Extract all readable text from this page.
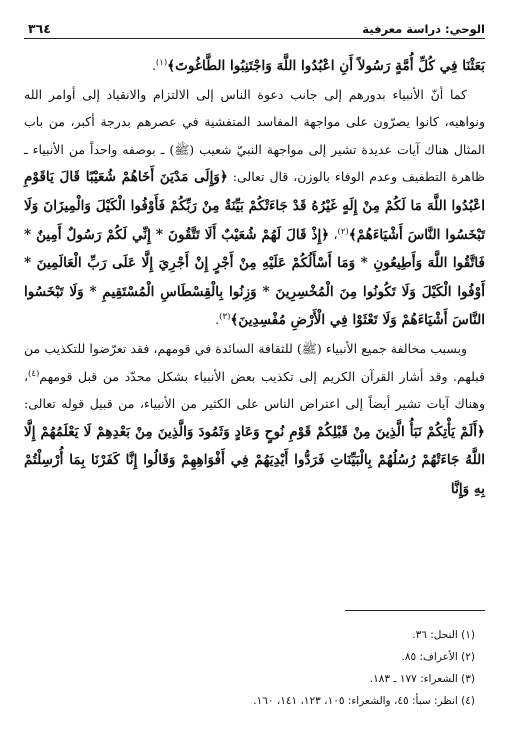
الوحي: دراسة معرفية
٣٦٤

بَعَثْنَا فِي كُلِّ أُمَّةٍ رَسُولاً أَنِ اعْبُدُوا اللَّهَ وَاجْتَنِبُوا الطَّاغُوتَ﴾$^{(١)}$.

كما أنّ الأنبياء بدورهم إلى جانب دعوة الناس إلى الالتزام والانقياد إلى أوامر الله ونواهيه، كانوا يصرّون على مواجهة المفاسد المتفشية في عصرهم بدرجة أكبر، من باب المثال هناك آيات عديدة تشير إلى مواجهة النبيّ شعيب (ﷺ) ـ بوصفه واحداً من الأنبياء ـ ظاهرة التطفيف وعدم الوفاء بالوزن، قال تعالى: ﴿وَإِلَى مَدْيَنَ أَخَاهُمْ شُعَيْبًا قَالَ يَاقَوْمِ اعْبُدُوا اللَّهَ مَا لَكُمْ مِنْ إِلَهٍ غَيْرُهُ قَدْ جَاءَتْكُمْ بَيِّنَةٌ مِنْ رَبِّكُمْ فَأَوْفُوا الْكَيْلَ وَالْمِيزَانَ وَلَا تَبْخَسُوا النَّاسَ أَشْيَاءَهُمْ﴾$^{(٢)}$، ﴿إِذْ قَالَ لَهُمْ شُعَيْبٌ أَلَا تَتَّقُونَ * إِنِّي لَكُمْ رَسُولٌ أَمِينٌ * فَاتَّقُوا اللَّهَ وَأَطِيعُونِ * وَمَا أَسْأَلُكُمْ عَلَيْهِ مِنْ أَجْرٍ إِنْ أَجْرِيَ إِلَّا عَلَى رَبِّ الْعَالَمِينَ * أَوْفُوا الْكَيْلَ وَلَا تَكُونُوا مِنَ الْمُخْسِرِينَ * وَزِنُوا بِالْقِسْطَاسِ الْمُسْتَقِيمِ * وَلَا تَبْخَسُوا النَّاسَ أَشْيَاءَهُمْ وَلَا تَعْثَوْا فِي الْأَرْضِ مُفْسِدِينَ﴾$^{(٣)}$.

وبسبب مخالفة جميع الأنبياء (ﷺ) للثقافة السائدة في قومهم، فقد تعرّضوا للتكذيب من قبلهم. وقد أشار القرآن الكريم إلى تكذيب بعض الأنبياء بشكل محدّد من قبل قومهم$^{(٤)}$، وهناك آيات تشير أيضاً إلى اعتراض الناس على الكثير من الأنبياء، من قبيل قوله تعالى: ﴿أَلَمْ يَأْتِكُمْ نَبَأُ الَّذِينَ مِنْ قَبْلِكُمْ قَوْمِ نُوحٍ وَعَادٍ وَثَمُودَ وَالَّذِينَ مِنْ بَعْدِهِمْ لَا يَعْلَمُهُمْ إِلَّا اللَّهُ جَاءَتْهُمْ رُسُلُهُمْ بِالْبَيِّنَاتِ فَرَدُّوا أَيْدِيَهُمْ فِي أَفْوَاهِهِمْ وَقَالُوا إِنَّا كَفَرْنَا بِمَا أُرْسِلْتُمْ بِهِ وَإِنَّا

(١) النحل: ٣٦.
(٢) الأعراف: ٨٥.
(٣) الشعراء: ١٧٧ ـ ١٨٣.
(٤) انظر: سبأ: ٤٥، والشعراء: ١٠٥، ١٢٣، ١٤١، ١٦٠.
